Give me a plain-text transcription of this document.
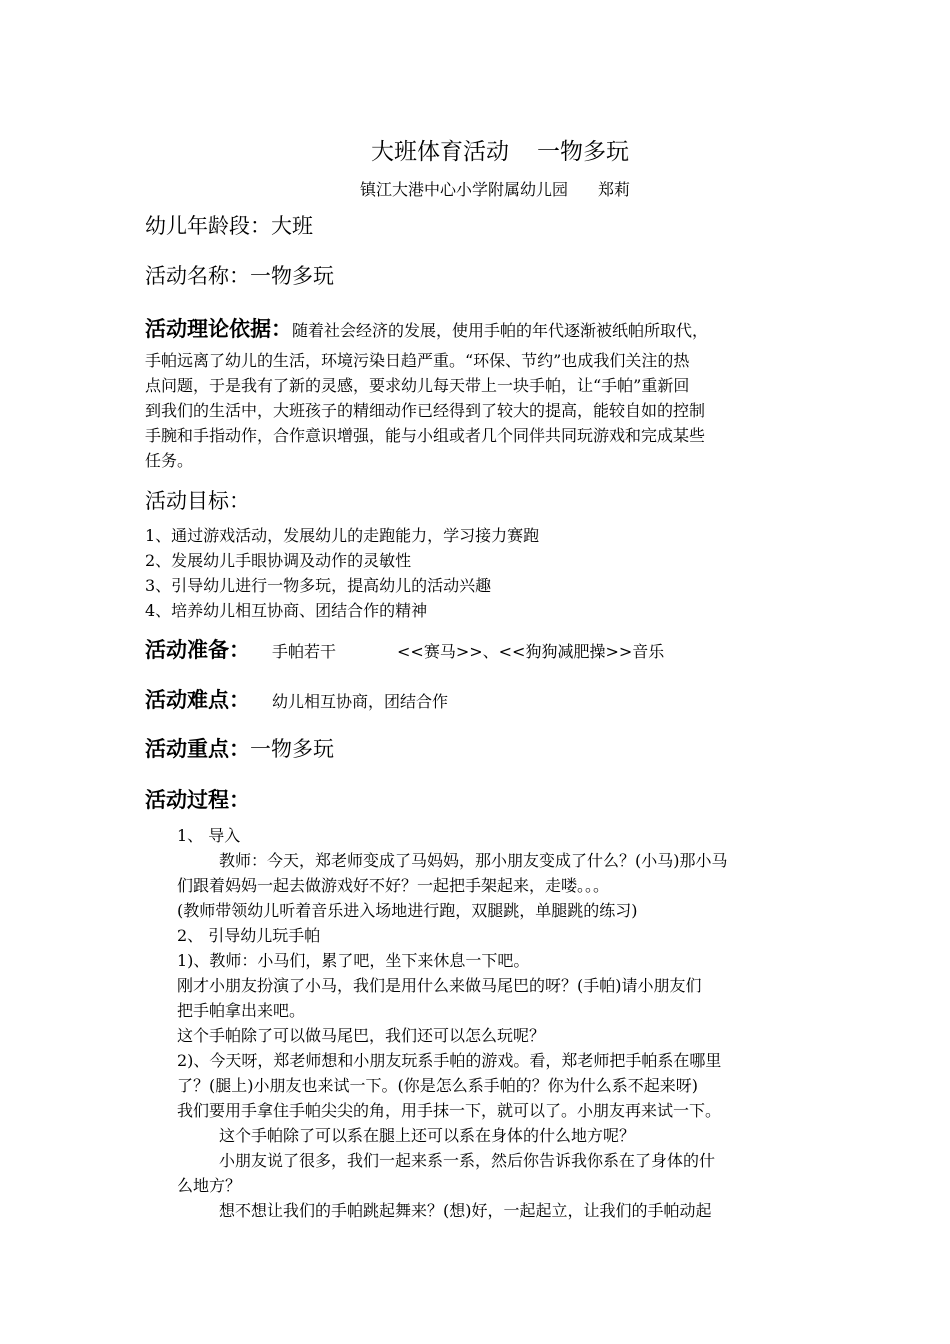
大班体育活动 一物多玩
镇江大港中心小学附属幼儿园 郑莉
幼儿年龄段：大班
活动名称：一物多玩
活动理论依据：随着社会经济的发展，使用手帕的年代逐渐被纸帕所取代，
手帕远离了幼儿的生活，环境污染日趋严重。“环保、节约”也成我们关注的热
点问题，于是我有了新的灵感，要求幼儿每天带上一块手帕，让“手帕”重新回
到我们的生活中，大班孩子的精细动作已经得到了较大的提高，能较自如的控制
手腕和手指动作，合作意识增强，能与小组或者几个同伴共同玩游戏和完成某些
任务。
活动目标：
1、通过游戏活动，发展幼儿的走跑能力，学习接力赛跑
2、发展幼儿手眼协调及动作的灵敏性
3、引导幼儿进行一物多玩，提高幼儿的活动兴趣
4、培养幼儿相互协商、团结合作的精神
活动准备： 手帕若干	<<赛马>>、<<狗狗减肥操>>音乐
活动难点： 幼儿相互协商，团结合作
活动重点：一物多玩
活动过程：
1、 导入
教师：今天，郑老师变成了马妈妈，那小朋友变成了什么？(小马)那小马
们跟着妈妈一起去做游戏好不好？一起把手架起来，走喽。。。
(教师带领幼儿听着音乐进入场地进行跑，双腿跳，单腿跳的练习)
2、 引导幼儿玩手帕
1)、教师：小马们，累了吧，坐下来休息一下吧。
刚才小朋友扮演了小马，我们是用什么来做马尾巴的呀？(手帕)请小朋友们
把手帕拿出来吧。
这个手帕除了可以做马尾巴，我们还可以怎么玩呢？
2)、今天呀，郑老师想和小朋友玩系手帕的游戏。看，郑老师把手帕系在哪里
了？(腿上)小朋友也来试一下。(你是怎么系手帕的？你为什么系不起来呀)
我们要用手拿住手帕尖尖的角，用手抹一下，就可以了。小朋友再来试一下。
这个手帕除了可以系在腿上还可以系在身体的什么地方呢？
小朋友说了很多，我们一起来系一系，然后你告诉我你系在了身体的什
么地方？
想不想让我们的手帕跳起舞来？(想)好，一起起立，让我们的手帕动起
